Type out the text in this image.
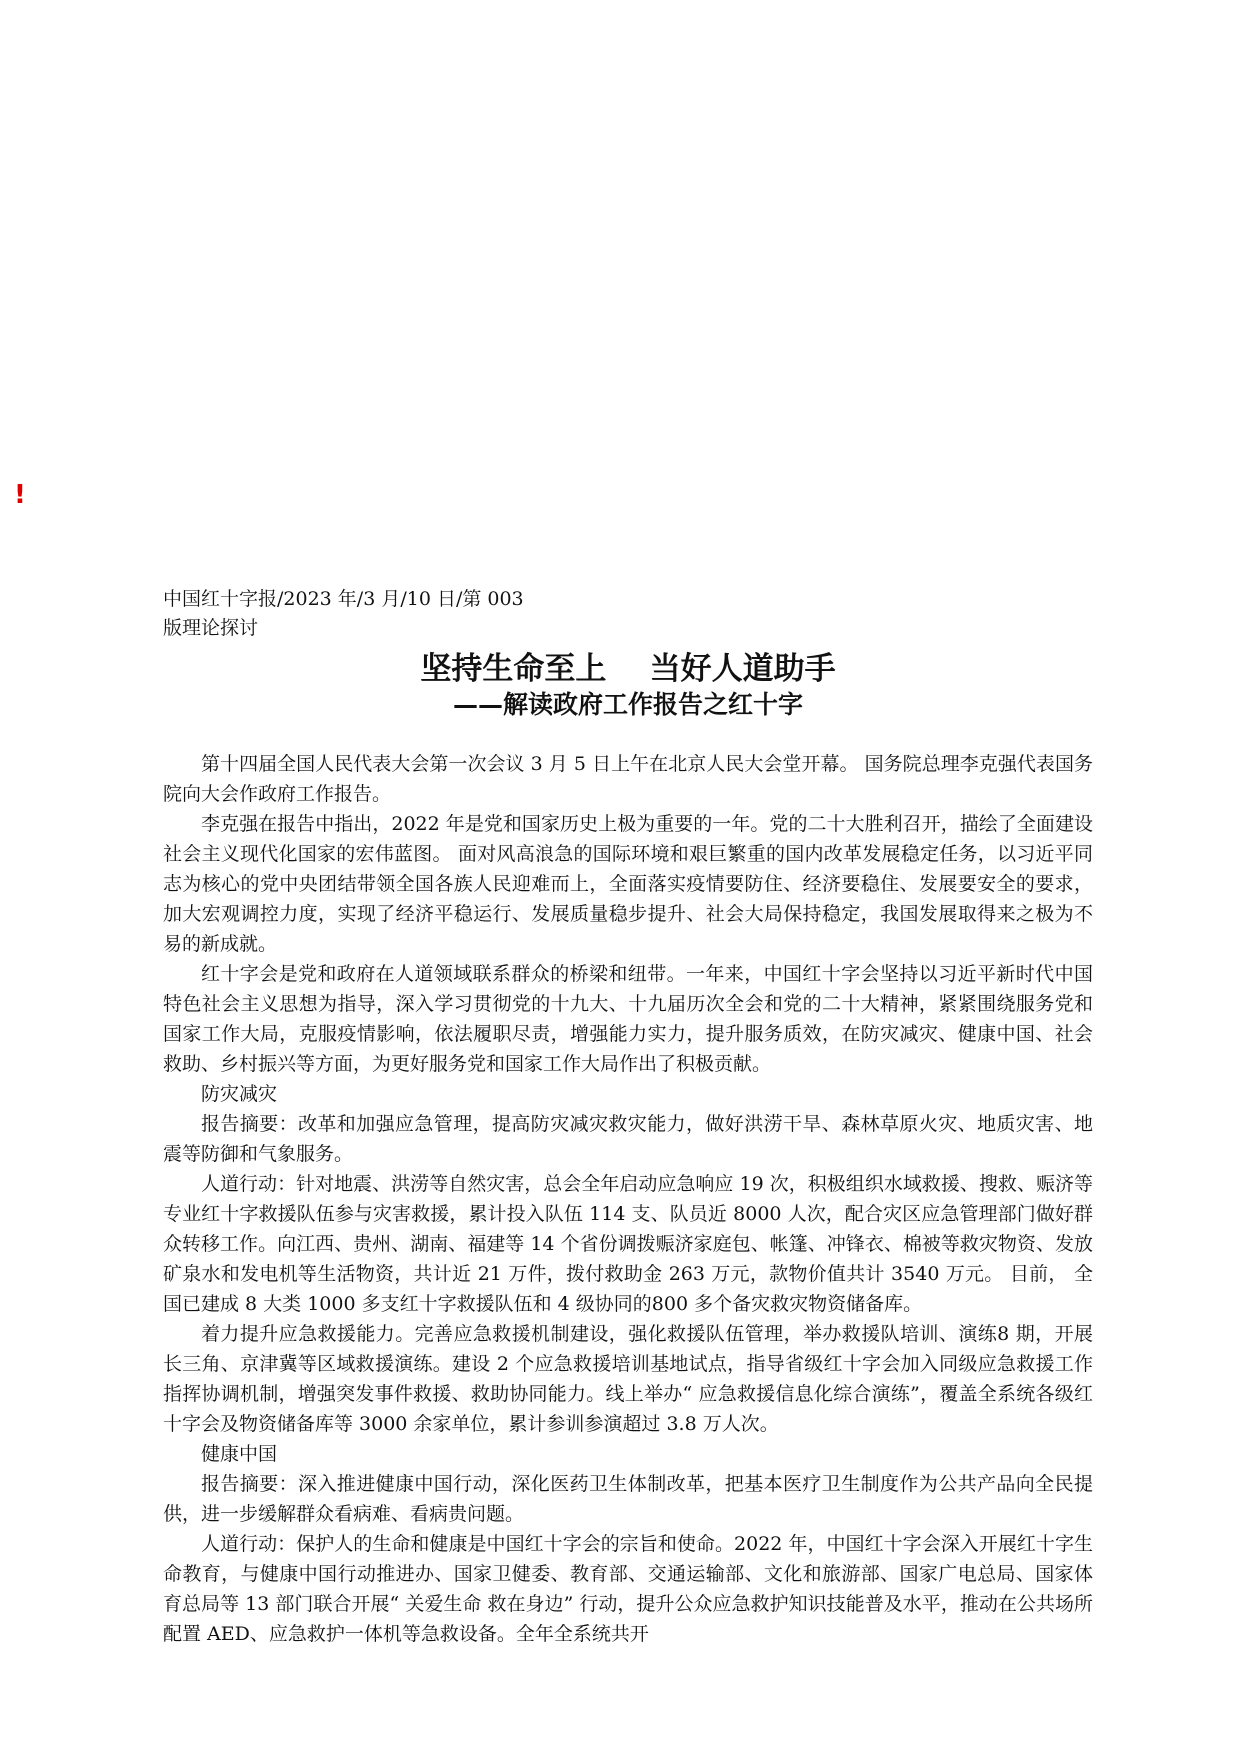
!
中国红十字报/2023 年/3 月/10 日/第 003
版理论探讨
坚持生命至上    当好人道助手
——解读政府工作报告之红十字

第十四届全国人民代表大会第一次会议 3 月 5 日上午在北京人民大会堂开幕。 国务院总理李克强代表国务院向大会作政府工作报告。

李克强在报告中指出，2022 年是党和国家历史上极为重要的一年。党的二十大胜利召开，描绘了全面建设社会主义现代化国家的宏伟蓝图。 面对风高浪急的国际环境和艰巨繁重的国内改革发展稳定任务，以习近平同志为核心的党中央团结带领全国各族人民迎难而上，全面落实疫情要防住、经济要稳住、发展要安全的要求，加大宏观调控力度，实现了经济平稳运行、发展质量稳步提升、社会大局保持稳定，我国发展取得来之极为不易的新成就。

红十字会是党和政府在人道领域联系群众的桥梁和纽带。一年来，中国红十字会坚持以习近平新时代中国特色社会主义思想为指导，深入学习贯彻党的十九大、十九届历次全会和党的二十大精神，紧紧围绕服务党和国家工作大局，克服疫情影响，依法履职尽责，增强能力实力，提升服务质效，在防灾减灾、健康中国、社会救助、乡村振兴等方面，为更好服务党和国家工作大局作出了积极贡献。

防灾减灾

报告摘要：改革和加强应急管理，提高防灾减灾救灾能力，做好洪涝干旱、森林草原火灾、地质灾害、地震等防御和气象服务。

人道行动：针对地震、洪涝等自然灾害，总会全年启动应急响应 19 次，积极组织水域救援、搜救、赈济等专业红十字救援队伍参与灾害救援，累计投入队伍 114 支、队员近 8000 人次，配合灾区应急管理部门做好群众转移工作。向江西、贵州、湖南、福建等 14 个省份调拨赈济家庭包、帐篷、冲锋衣、棉被等救灾物资、发放矿泉水和发电机等生活物资，共计近 21 万件，拨付救助金 263 万元，款物价值共计 3540 万元。 目前， 全国已建成 8 大类 1000 多支红十字救援队伍和 4 级协同的800 多个备灾救灾物资储备库。

着力提升应急救援能力。完善应急救援机制建设，强化救援队伍管理，举办救援队培训、演练8 期，开展长三角、京津冀等区域救援演练。建设 2 个应急救援培训基地试点，指导省级红十字会加入同级应急救援工作指挥协调机制，增强突发事件救援、救助协同能力。线上举办“ 应急救援信息化综合演练”，覆盖全系统各级红十字会及物资储备库等 3000 余家单位，累计参训参演超过 3.8 万人次。

健康中国

报告摘要：深入推进健康中国行动，深化医药卫生体制改革，把基本医疗卫生制度作为公共产品向全民提供，进一步缓解群众看病难、看病贵问题。

人道行动：保护人的生命和健康是中国红十字会的宗旨和使命。2022 年，中国红十字会深入开展红十字生命教育，与健康中国行动推进办、国家卫健委、教育部、交通运输部、文化和旅游部、国家广电总局、国家体育总局等 13 部门联合开展“ 关爱生命 救在身边” 行动，提升公众应急救护知识技能普及水平，推动在公共场所配置 AED、应急救护一体机等急救设备。全年全系统共开
